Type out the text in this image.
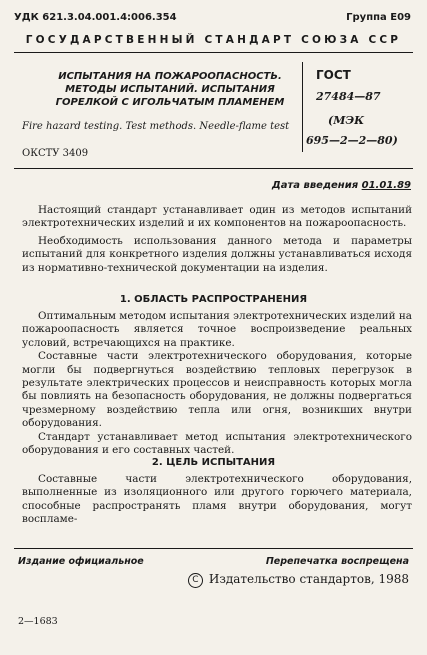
УДК 621.3.04.001.4:006.354	Группа Е09
ГОСУДАРСТВЕННЫЙ СТАНДАРТ СОЮЗА ССР
ИСПЫТАНИЯ НА ПОЖАРООПАСНОСТЬ. МЕТОДЫ ИСПЫТАНИЙ. ИСПЫТАНИЯ ГОРЕЛКОЙ С ИГОЛЬЧАТЫМ ПЛАМЕНЕМ
Fire hazard testing. Test methods. Needle-flame test
ГОСТ
27484—87
(МЭК
695—2—2—80)
ОКСТУ 3409
Дата введения 01.01.89

Настоящий стандарт устанавливает один из методов испытаний электротехнических изделий и их компонентов на пожароопасность.

Необходимость использования данного метода и параметры испытаний для конкретного изделия должны устанавливаться исходя из нормативно-технической документации на изделия.

1. ОБЛАСТЬ РАСПРОСТРАНЕНИЯ

Оптимальным методом испытания электротехнических изделий на пожароопасность является точное воспроизведение реальных условий, встречающихся на практике.

Составные части электротехнического оборудования, которые могли бы подвергнуться воздействию тепловых перегрузок в результате электрических процессов и неисправность которых могла бы повлиять на безопасность оборудования, не должны подвергаться чрезмерному воздействию тепла или огня, возникших внутри оборудования.

Стандарт устанавливает метод испытания электротехнического оборудования и его составных частей.

2. ЦЕЛЬ ИСПЫТАНИЯ

Составные части электротехнического оборудования, выполненные из изоляционного или другого горючего материала, способные распространять пламя внутри оборудования, могут воспламе-

Издание официальное	Перепечатка воспрещена
C Издательство стандартов, 1988
2—1683
